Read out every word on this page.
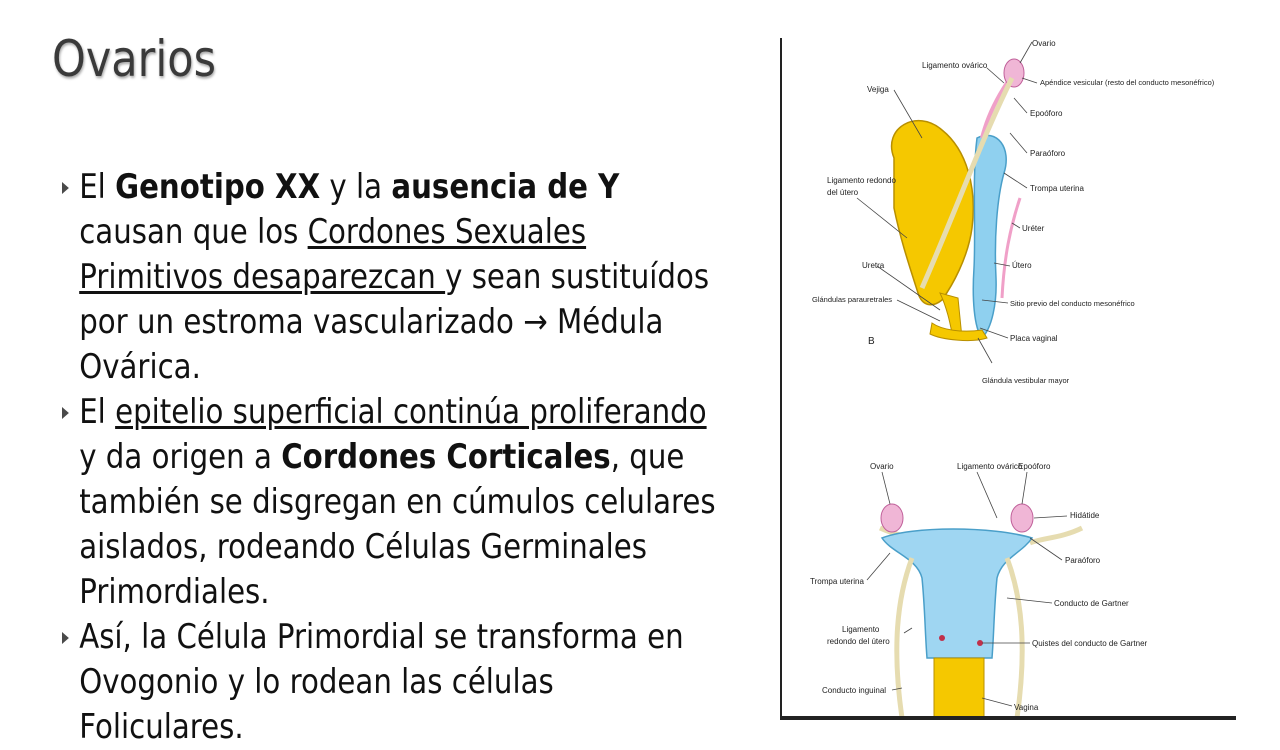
Ovarios
El Genotipo XX y la ausencia de Y causan que los Cordones Sexuales Primitivos desaparezcan y sean sustituídos por un estroma vascularizado → Médula Ovárica.
El epitelio superficial continúa proliferando y da origen a Cordones Corticales, que también se disgregan en cúmulos celulares aislados, rodeando Células Germinales Primordiales.
Así, la Célula Primordial se transforma en Ovogonio y lo rodean las células Foliculares.
Ovario
Ligamento ovárico
Apéndice vesicular (resto del conducto mesonéfrico)
Vejiga
Epoóforo
Paraóforo
Trompa uterina
Ligamento redondo
del útero
Uréter
Uretra	Útero
Glándulas parauretrales	Sitio previo del conducto mesonéfrico
B	Placa vaginal
Glándula vestibular mayor
Ovario	Ligamento ovárico
Epoóforo
Hidátide
Paraóforo
Trompa uterina
Conducto de Gartner
Ligamento
redondo del útero	Quistes del conducto de Gartner
Conducto inguinal
Vagina
